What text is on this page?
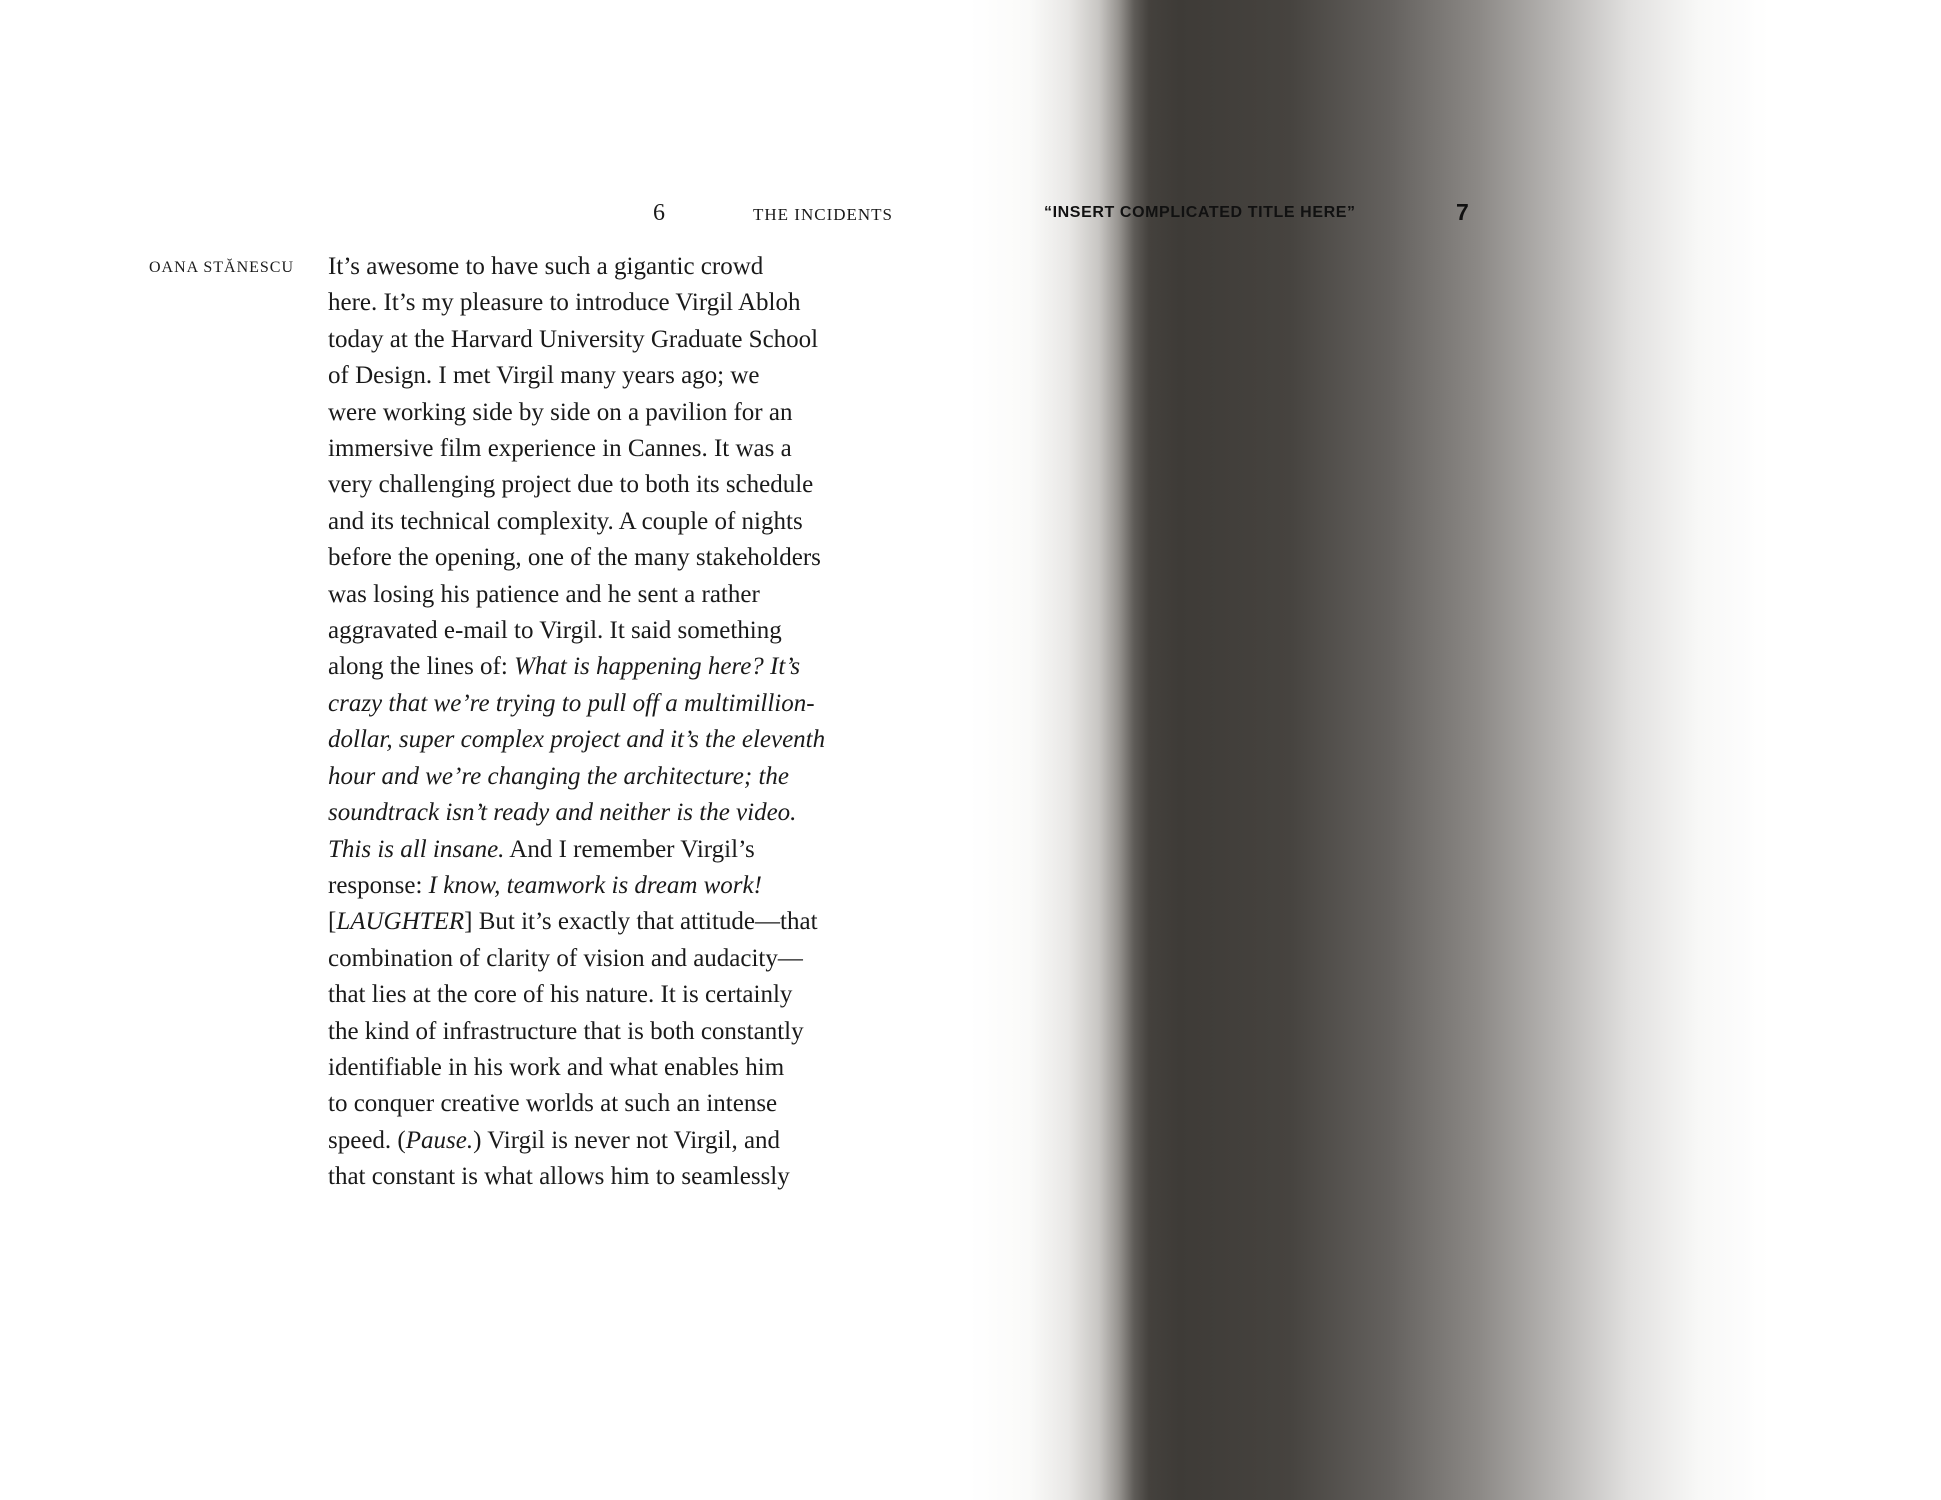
6	THE INCIDENTS	“INSERT COMPLICATED TITLE HERE”	7
OANA STĂNESCU It’s awesome to have such a gigantic crowd
here. It’s my pleasure to introduce Virgil Abloh
today at the Harvard University Graduate School
of Design. I met Virgil many years ago; we
were working side by side on a pavilion for an
immersive film experience in Cannes. It was a
very challenging project due to both its schedule
and its technical complexity. A couple of nights
before the opening, one of the many stakeholders
was losing his patience and he sent a rather
aggravated e-mail to Virgil. It said something
along the lines of: What is happening here? It’s
crazy that we’re trying to pull off a multimillion-
dollar, super complex project and it’s the eleventh
hour and we’re changing the architecture; the
soundtrack isn’t ready and neither is the video.
This is all insane. And I remember Virgil’s
response: I know, teamwork is dream work!
[LAUGHTER] But it’s exactly that attitude—that
combination of clarity of vision and audacity—
that lies at the core of his nature. It is certainly
the kind of infrastructure that is both constantly
identifiable in his work and what enables him
to conquer creative worlds at such an intense
speed. (Pause.) Virgil is never not Virgil, and
that constant is what allows him to seamlessly
